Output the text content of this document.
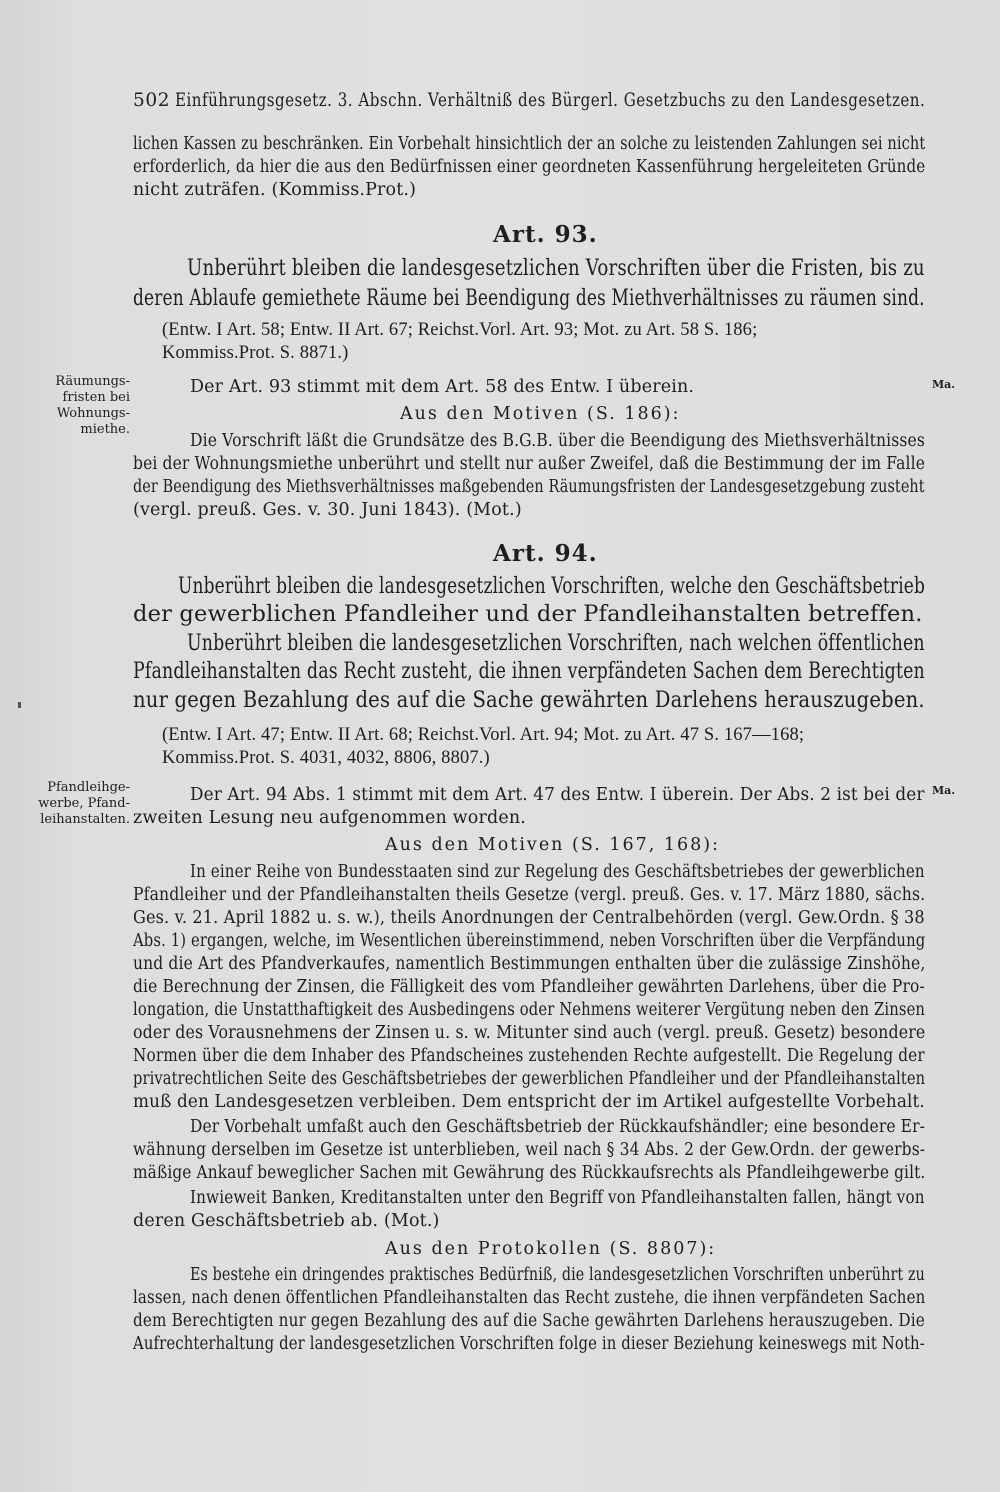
502 Einführungsgesetz. 3. Abschn. Verhältniß des Bürgerl. Gesetzbuchs zu den Landesgesetzen.
lichen Kassen zu beschränken. Ein Vorbehalt hinsichtlich der an solche zu leistenden Zahlungen sei nicht
erforderlich, da hier die aus den Bedürfnissen einer geordneten Kassenführung hergeleiteten Gründe
nicht zuträfen. (Kommiss.Prot.)
Art. 93.
Unberührt bleiben die landesgesetzlichen Vorschriften über die Fristen, bis zu
deren Ablaufe gemiethete Räume bei Beendigung des Miethverhältnisses zu räumen sind.
(Entw. I Art. 58; Entw. II Art. 67; Reichst.Vorl. Art. 93; Mot. zu Art. 58 S. 186;
Kommiss.Prot. S. 8871.)
Räumungs-
fristen bei
Wohnungs-
miethe.
Ma.
Der Art. 93 stimmt mit dem Art. 58 des Entw. I überein.
Aus den Motiven (S. 186):
Die Vorschrift läßt die Grundsätze des B.G.B. über die Beendigung des Miethsverhältnisses
bei der Wohnungsmiethe unberührt und stellt nur außer Zweifel, daß die Bestimmung der im Falle
der Beendigung des Miethsverhältnisses maßgebenden Räumungsfristen der Landesgesetzgebung zusteht
(vergl. preuß. Ges. v. 30. Juni 1843). (Mot.)
Art. 94.
Unberührt bleiben die landesgesetzlichen Vorschriften, welche den Geschäftsbetrieb
der gewerblichen Pfandleiher und der Pfandleihanstalten betreffen.
Unberührt bleiben die landesgesetzlichen Vorschriften, nach welchen öffentlichen
Pfandleihanstalten das Recht zusteht, die ihnen verpfändeten Sachen dem Berechtigten
nur gegen Bezahlung des auf die Sache gewährten Darlehens herauszugeben.
(Entw. I Art. 47; Entw. II Art. 68; Reichst.Vorl. Art. 94; Mot. zu Art. 47 S. 167—168;
Kommiss.Prot. S. 4031, 4032, 8806, 8807.)
Pfandleihge-
werbe, Pfand-
leihanstalten.
Ma.
Der Art. 94 Abs. 1 stimmt mit dem Art. 47 des Entw. I überein. Der Abs. 2 ist bei der
zweiten Lesung neu aufgenommen worden.
Aus den Motiven (S. 167, 168):
In einer Reihe von Bundesstaaten sind zur Regelung des Geschäftsbetriebes der gewerblichen
Pfandleiher und der Pfandleihanstalten theils Gesetze (vergl. preuß. Ges. v. 17. März 1880, sächs.
Ges. v. 21. April 1882 u. s. w.), theils Anordnungen der Centralbehörden (vergl. Gew.Ordn. § 38
Abs. 1) ergangen, welche, im Wesentlichen übereinstimmend, neben Vorschriften über die Verpfändung
und die Art des Pfandverkaufes, namentlich Bestimmungen enthalten über die zulässige Zinshöhe,
die Berechnung der Zinsen, die Fälligkeit des vom Pfandleiher gewährten Darlehens, über die Pro-
longation, die Unstatthaftigkeit des Ausbedingens oder Nehmens weiterer Vergütung neben den Zinsen
oder des Vorausnehmens der Zinsen u. s. w. Mitunter sind auch (vergl. preuß. Gesetz) besondere
Normen über die dem Inhaber des Pfandscheines zustehenden Rechte aufgestellt. Die Regelung der
privatrechtlichen Seite des Geschäftsbetriebes der gewerblichen Pfandleiher und der Pfandleihanstalten
muß den Landesgesetzen verbleiben. Dem entspricht der im Artikel aufgestellte Vorbehalt.
Der Vorbehalt umfaßt auch den Geschäftsbetrieb der Rückkaufshändler; eine besondere Er-
wähnung derselben im Gesetze ist unterblieben, weil nach § 34 Abs. 2 der Gew.Ordn. der gewerbs-
mäßige Ankauf beweglicher Sachen mit Gewährung des Rückkaufsrechts als Pfandleihgewerbe gilt.
Inwieweit Banken, Kreditanstalten unter den Begriff von Pfandleihanstalten fallen, hängt von
deren Geschäftsbetrieb ab. (Mot.)
Aus den Protokollen (S. 8807):
Es bestehe ein dringendes praktisches Bedürfniß, die landesgesetzlichen Vorschriften unberührt zu
lassen, nach denen öffentlichen Pfandleihanstalten das Recht zustehe, die ihnen verpfändeten Sachen
dem Berechtigten nur gegen Bezahlung des auf die Sache gewährten Darlehens herauszugeben. Die
Aufrechterhaltung der landesgesetzlichen Vorschriften folge in dieser Beziehung keineswegs mit Noth-
